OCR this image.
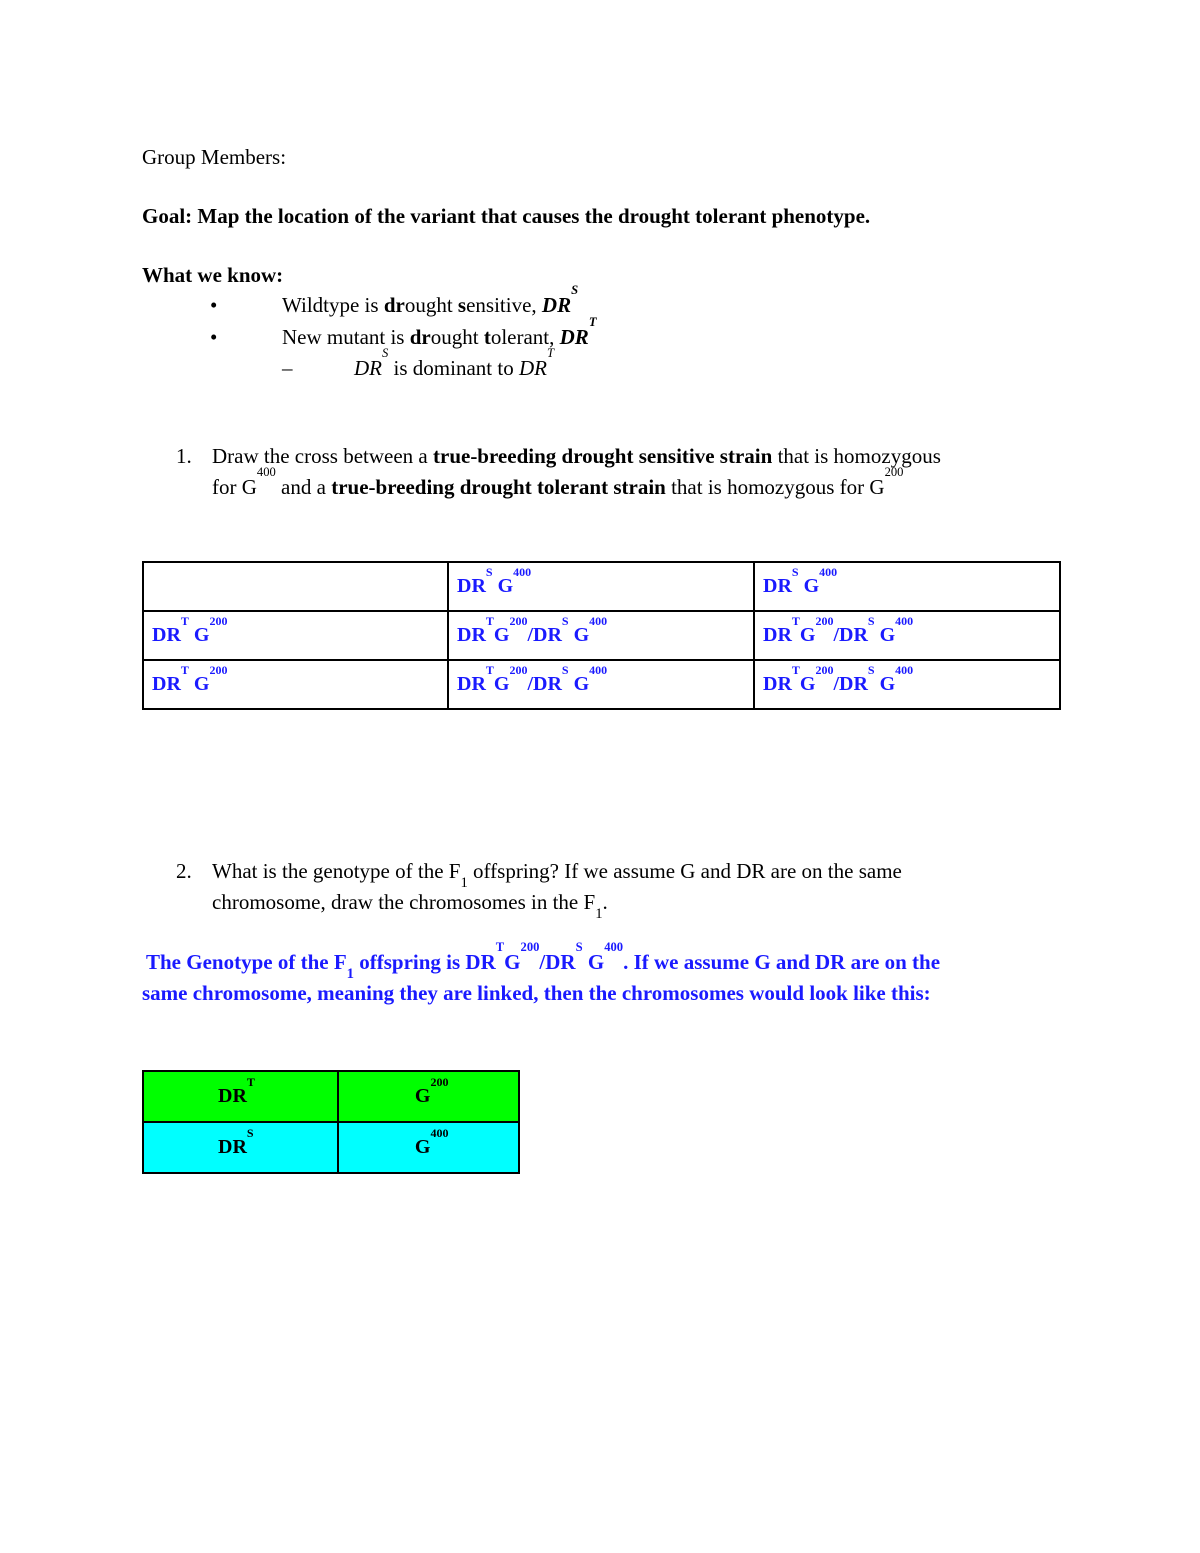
Group Members:
Goal: Map the location of the variant that causes the drought tolerant phenotype.
What we know:
•	Wildtype is drought sensitive, $DR^S$
•	New mutant is drought tolerant, $DR^T$
–	$DR^S$ is dominant to $DR^T$
1. Draw the cross between a true-breeding drought sensitive strain that is homozygous
for $G^{400}$ and a true-breeding drought tolerant strain that is homozygous for $G^{200}$
	$DR^S$ $G^{400}$	$DR^S$ $G^{400}$
$DR^T$ $G^{200}$	$DR^TG^{200}/DR^S$ $G^{400}$	$DR^TG^{200}/DR^S$ $G^{400}$
$DR^T$ $G^{200}$	$DR^TG^{200}/DR^S$ $G^{400}$	$DR^TG^{200}/DR^S$ $G^{400}$
2. What is the genotype of the F1 offspring? If we assume G and DR are on the same
chromosome, draw the chromosomes in the F1.
The Genotype of the F1 offspring is $DR^TG^{200}/DR^S$ $G^{400}$. If we assume G and DR are on the
same chromosome, meaning they are linked, then the chromosomes would look like this:
$DR^T$	$G^{200}$
$DR^S$	$G^{400}$
